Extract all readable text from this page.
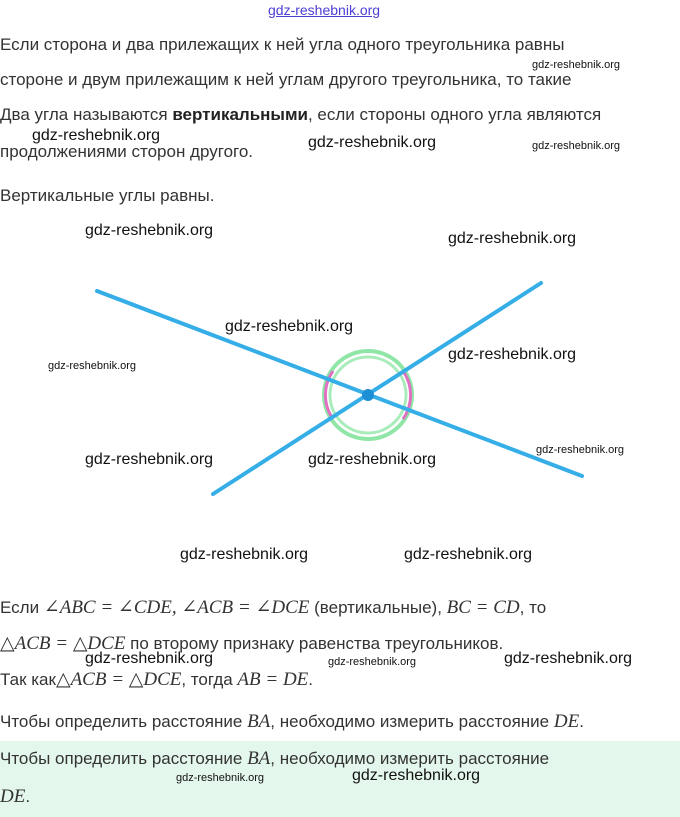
gdz-reshebnik.org
Если сторона и два прилежащих к ней угла одного треугольника равны
стороне и двум прилежащим к ней углам другого треугольника, то такие
gdz-reshebnik.org
Два угла называются вертикальными, если стороны одного угла являются
gdz-reshebnik.org	gdz-reshebnik.org	gdz-reshebnik.org
продолжениями сторон другого.
Вертикальные углы равны.
gdz-reshebnik.org	gdz-reshebnik.org
gdz-reshebnik.org
gdz-reshebnik.org
gdz-reshebnik.org
gdz-reshebnik.org
gdz-reshebnik.org	gdz-reshebnik.org
gdz-reshebnik.org	gdz-reshebnik.org
Если ∠ABC = ∠CDE, ∠ACB = ∠DCE (вертикальные), BC = CD, то
△ACB = △DCE по второму признаку равенства треугольников.
gdz-reshebnik.org	gdz-reshebnik.org	gdz-reshebnik.org
Так как△ACB = △DCE, тогда AB = DE.
Чтобы определить расстояние BA, необходимо измерить расстояние DE.
Чтобы определить расстояние BA, необходимо измерить расстояние
DE.
gdz-reshebnik.org	gdz-reshebnik.org
